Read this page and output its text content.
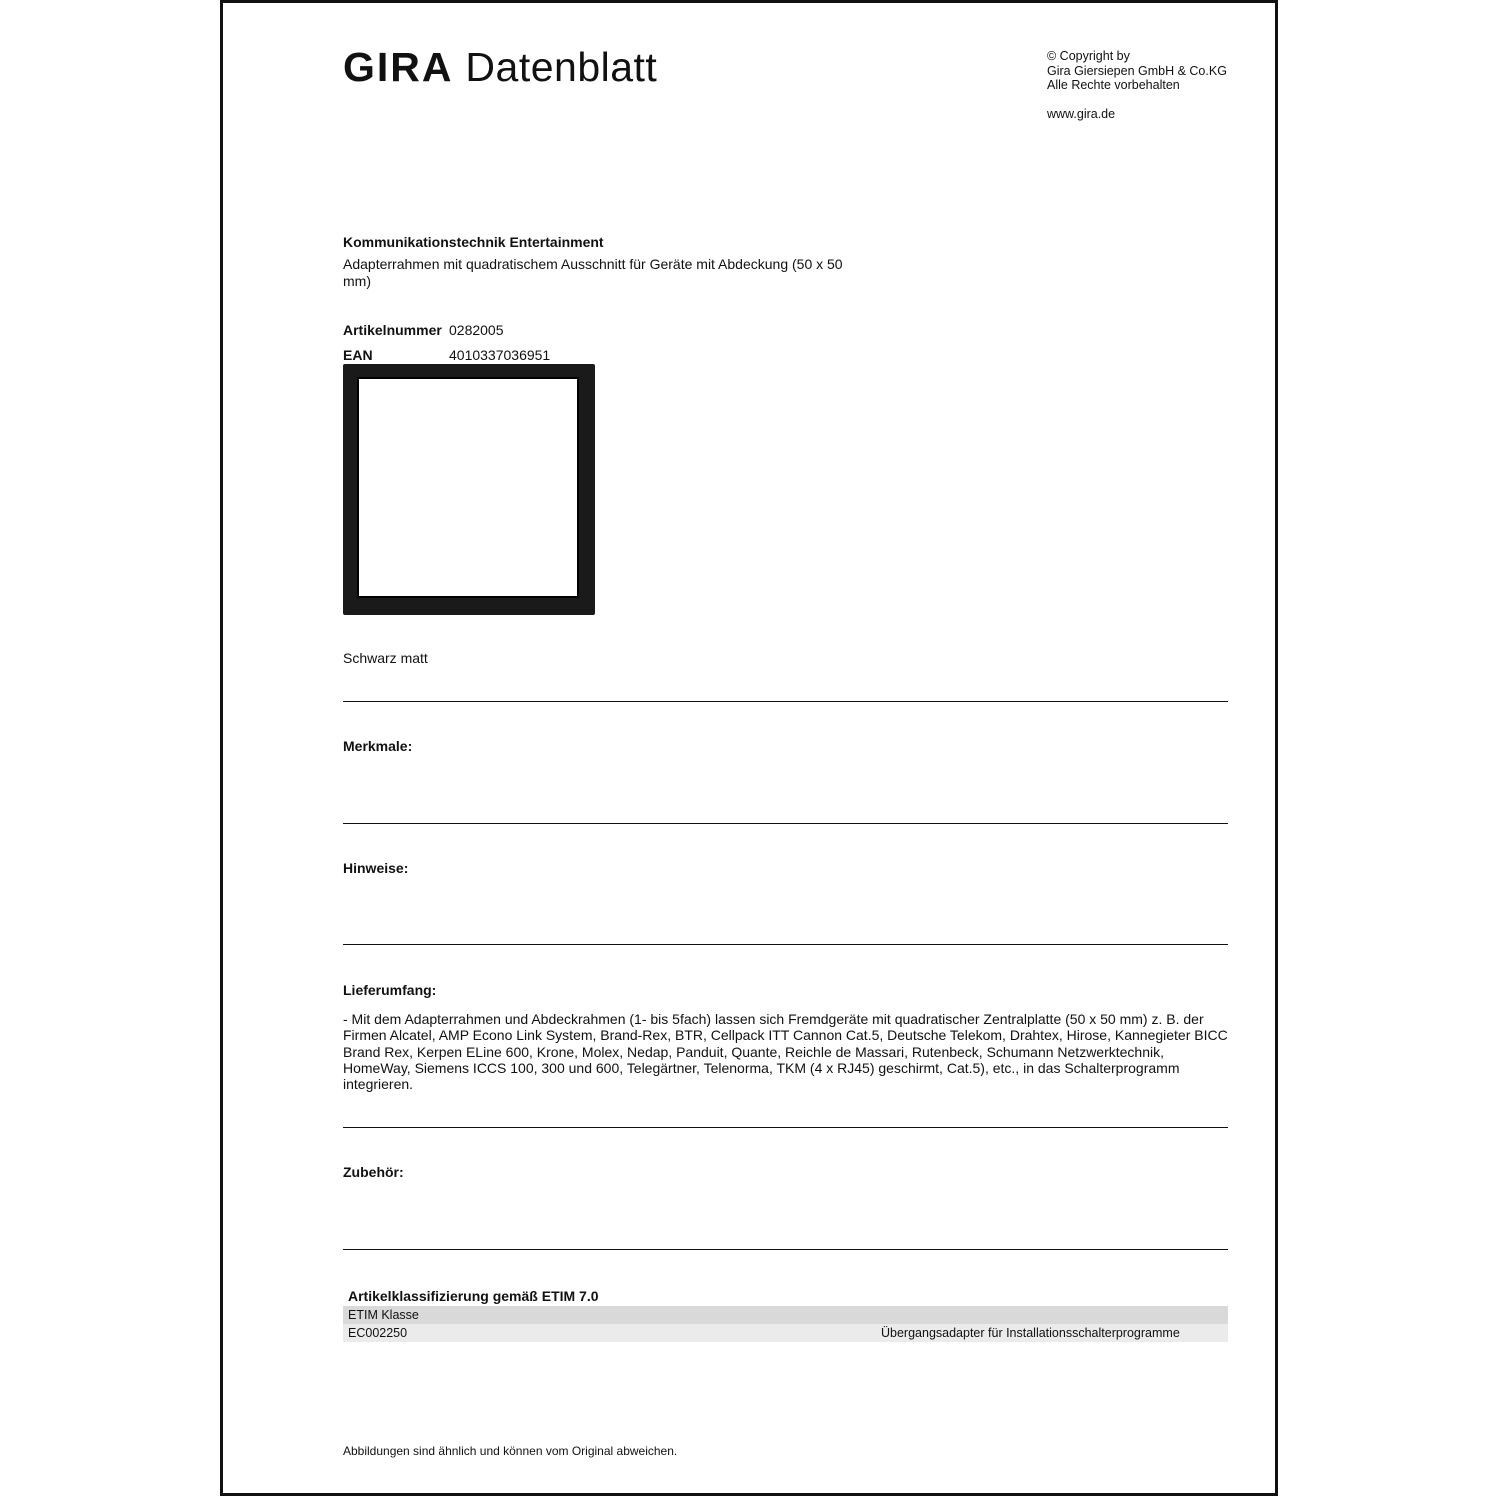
GIRA Datenblatt	© Copyright by
Gira Giersiepen GmbH & Co.KG
Alle Rechte vorbehalten
www.gira.de
Kommunikationstechnik Entertainment
Adapterrahmen mit quadratischem Ausschnitt für Geräte mit Abdeckung (50 x 50 mm)
Artikelnummer 0282005
EAN	4010337036951
Schwarz matt
Merkmale:
Hinweise:
Lieferumfang:
- Mit dem Adapterrahmen und Abdeckrahmen (1- bis 5fach) lassen sich Fremdgeräte mit quadratischer Zentralplatte (50 x 50 mm) z. B. der Firmen Alcatel, AMP Econo Link System, Brand-Rex, BTR, Cellpack ITT Cannon Cat.5, Deutsche Telekom, Drahtex, Hirose, Kannegieter BICC Brand Rex, Kerpen ELine 600, Krone, Molex, Nedap, Panduit, Quante, Reichle de Massari, Rutenbeck, Schumann Netzwerktechnik, HomeWay, Siemens ICCS 100, 300 und 600, Telegärtner, Telenorma, TKM (4 x RJ45) geschirmt, Cat.5), etc., in das Schalterprogramm integrieren.
Zubehör:
Artikelklassifizierung gemäß ETIM 7.0
ETIM Klasse
EC002250	Übergangsadapter für Installationsschalterprogramme
Abbildungen sind ähnlich und können vom Original abweichen.
